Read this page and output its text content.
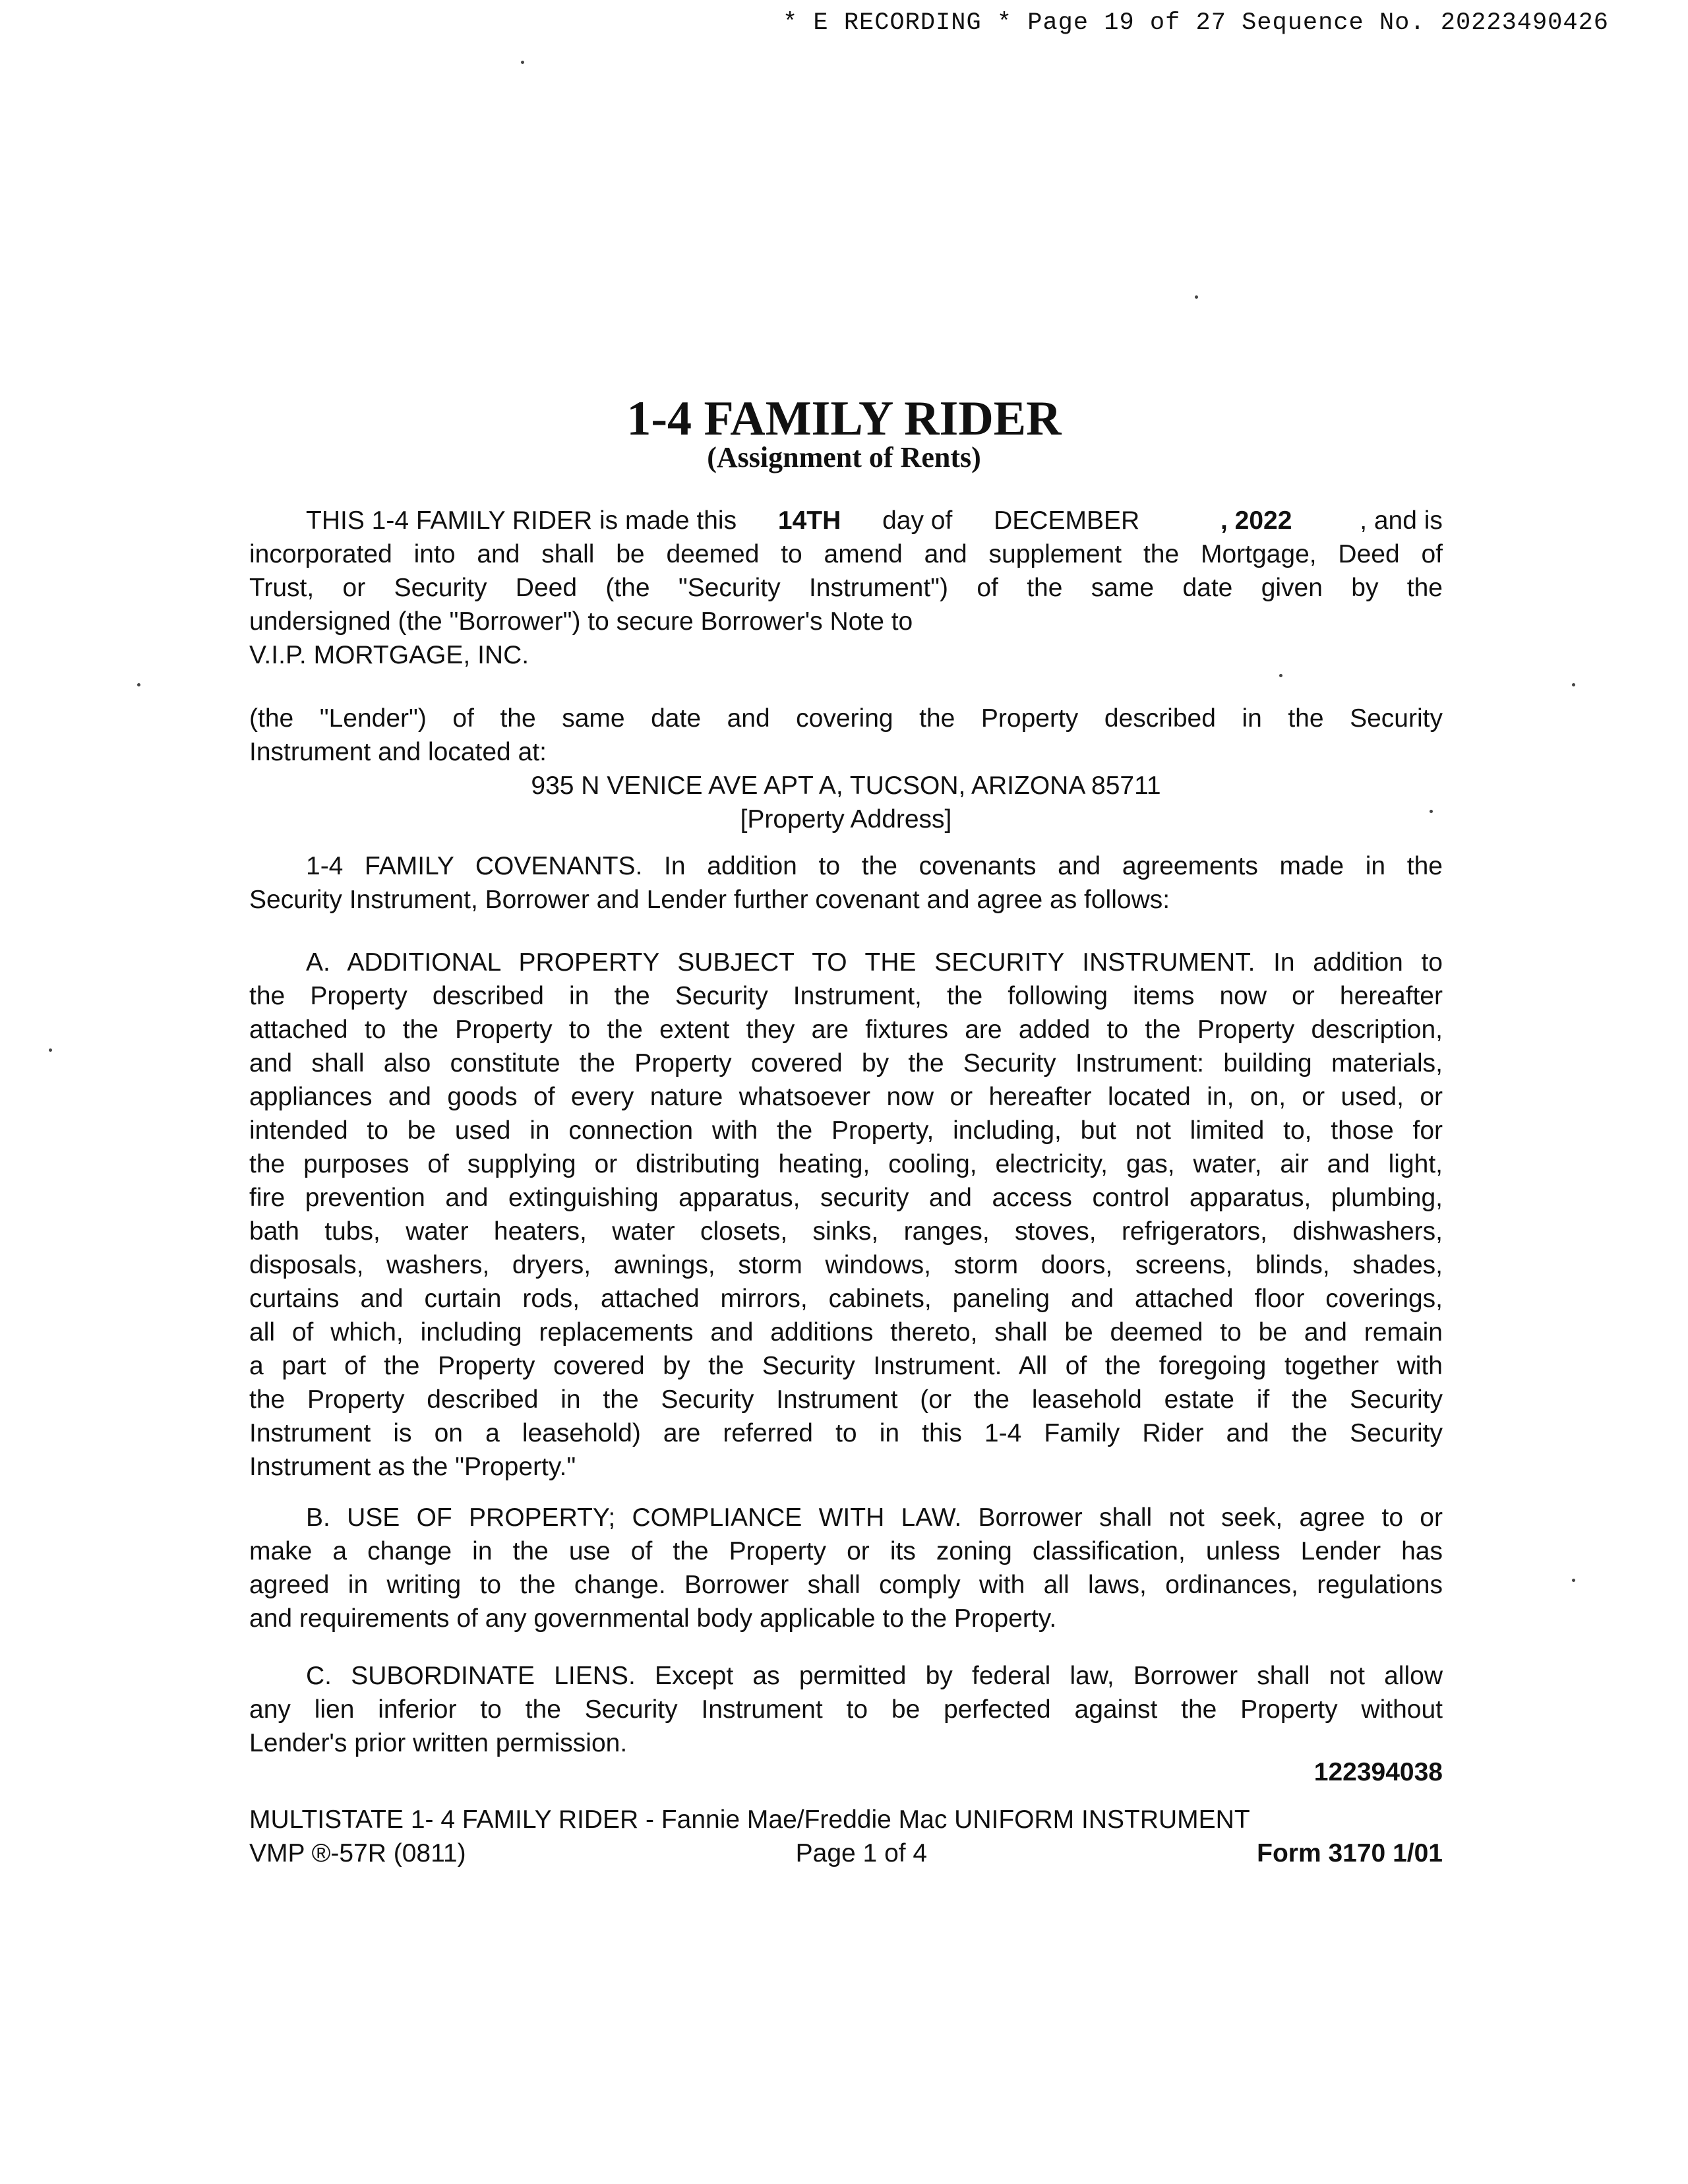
* E RECORDING * Page 19 of 27 Sequence No. 20223490426
1-4 FAMILY RIDER
(Assignment of Rents)
THIS 1-4 FAMILY RIDER is made this 14TH day of DECEMBER	, 2022	, and is
incorporated into and shall be deemed to amend and supplement the Mortgage, Deed of
Trust, or Security Deed (the "Security Instrument") of the same date given by the
undersigned (the "Borrower") to secure Borrower's Note to
V.I.P. MORTGAGE, INC.
(the "Lender") of the same date and covering the Property described in the Security
Instrument and located at:
935 N VENICE AVE APT A, TUCSON, ARIZONA 85711
[Property Address]
1-4 FAMILY COVENANTS. In addition to the covenants and agreements made in the
Security Instrument, Borrower and Lender further covenant and agree as follows:
A. ADDITIONAL PROPERTY SUBJECT TO THE SECURITY INSTRUMENT. In addition to
the Property described in the Security Instrument, the following items now or hereafter
attached to the Property to the extent they are fixtures are added to the Property description,
and shall also constitute the Property covered by the Security Instrument: building materials,
appliances and goods of every nature whatsoever now or hereafter located in, on, or used, or
intended to be used in connection with the Property, including, but not limited to, those for
the purposes of supplying or distributing heating, cooling, electricity, gas, water, air and light,
fire prevention and extinguishing apparatus, security and access control apparatus, plumbing,
bath tubs, water heaters, water closets, sinks, ranges, stoves, refrigerators, dishwashers,
disposals, washers, dryers, awnings, storm windows, storm doors, screens, blinds, shades,
curtains and curtain rods, attached mirrors, cabinets, paneling and attached floor coverings,
all of which, including replacements and additions thereto, shall be deemed to be and remain
a part of the Property covered by the Security Instrument. All of the foregoing together with
the Property described in the Security Instrument (or the leasehold estate if the Security
Instrument is on a leasehold) are referred to in this 1-4 Family Rider and the Security
Instrument as the "Property."
B. USE OF PROPERTY; COMPLIANCE WITH LAW. Borrower shall not seek, agree to or
make a change in the use of the Property or its zoning classification, unless Lender has
agreed in writing to the change. Borrower shall comply with all laws, ordinances, regulations
and requirements of any governmental body applicable to the Property.
C. SUBORDINATE LIENS. Except as permitted by federal law, Borrower shall not allow
any lien inferior to the Security Instrument to be perfected against the Property without
Lender's prior written permission.
122394038
MULTISTATE 1- 4 FAMILY RIDER - Fannie Mae/Freddie Mac UNIFORM INSTRUMENT
VMP ®-57R (0811)	Page 1 of 4	Form 3170 1/01
